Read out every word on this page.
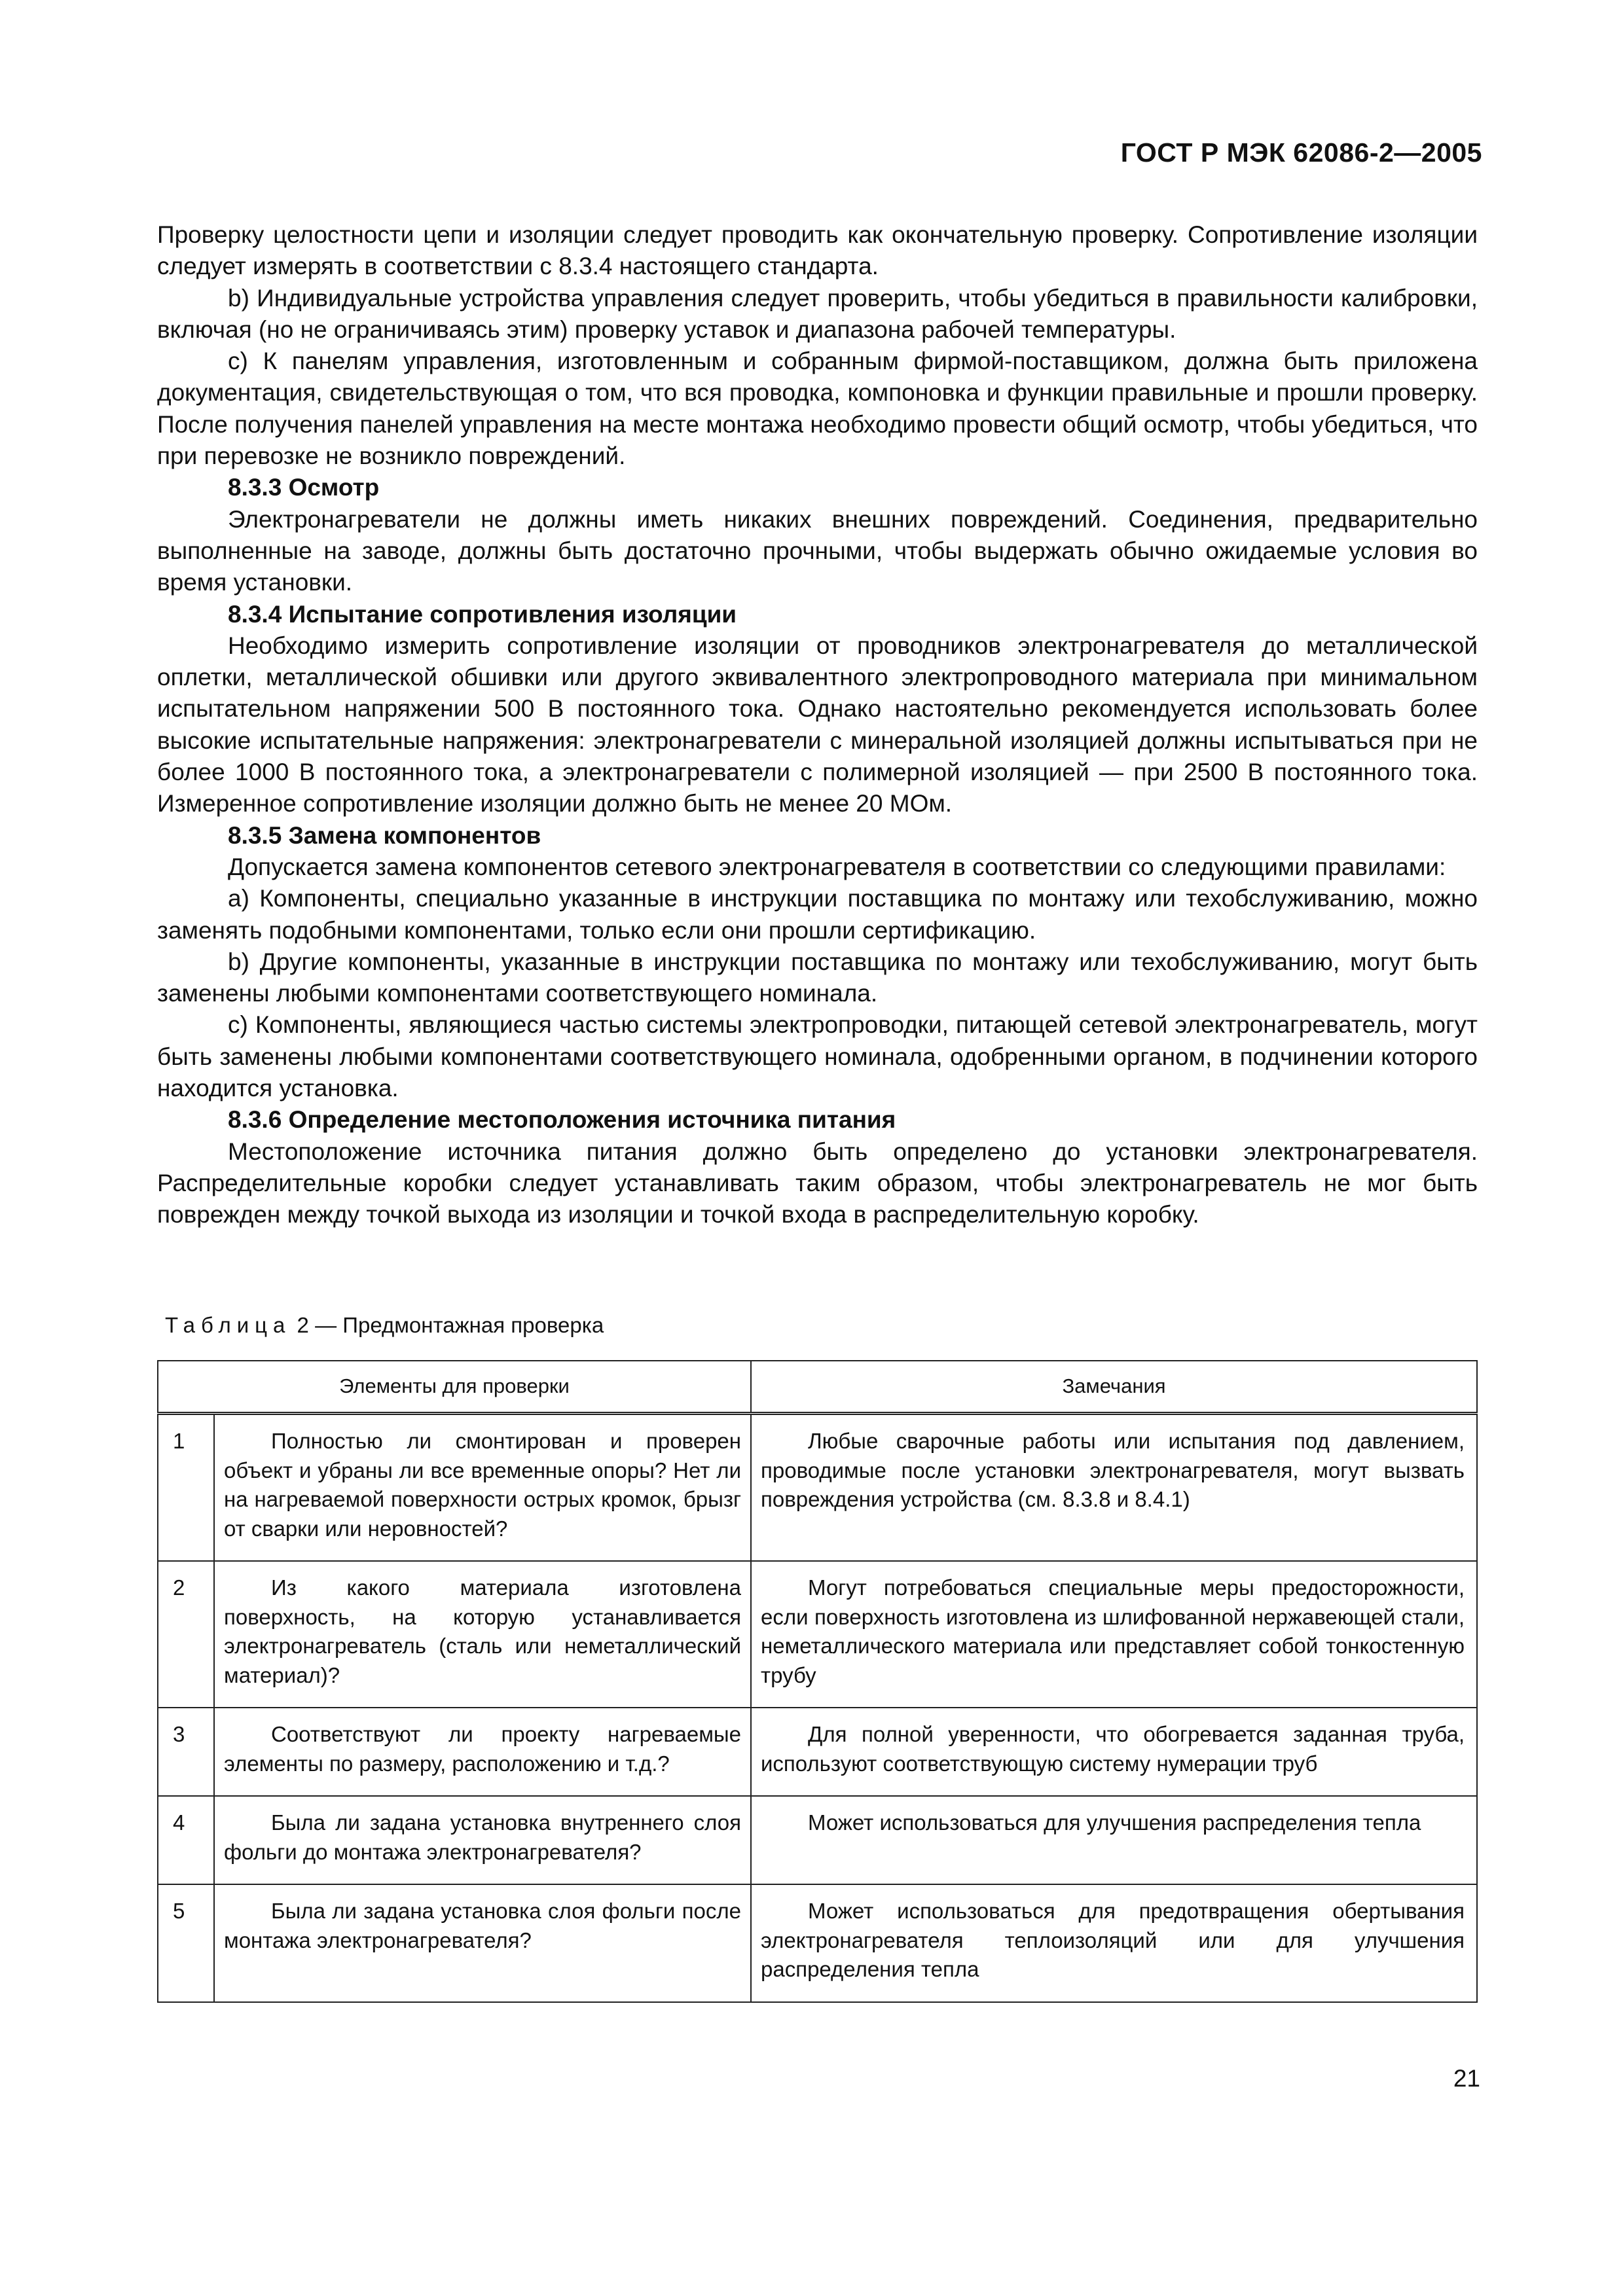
ГОСТ Р МЭК 62086-2—2005

Проверку целостности цепи и изоляции следует проводить как окончательную проверку. Сопротивление изоляции следует измерять в соответствии с 8.3.4 настоящего стандарта.

b) Индивидуальные устройства управления следует проверить, чтобы убедиться в правильности калибровки, включая (но не ограничиваясь этим) проверку уставок и диапазона рабочей температуры.

c) К панелям управления, изготовленным и собранным фирмой-поставщиком, должна быть приложена документация, свидетельствующая о том, что вся проводка, компоновка и функции правильные и прошли проверку. После получения панелей управления на месте монтажа необходимо провести общий осмотр, чтобы убедиться, что при перевозке не возникло повреждений.

8.3.3 Осмотр

Электронагреватели не должны иметь никаких внешних повреждений. Соединения, предварительно выполненные на заводе, должны быть достаточно прочными, чтобы выдержать обычно ожидаемые условия во время установки.

8.3.4 Испытание сопротивления изоляции

Необходимо измерить сопротивление изоляции от проводников электронагревателя до металлической оплетки, металлической обшивки или другого эквивалентного электропроводного материала при минимальном испытательном напряжении 500 В постоянного тока. Однако настоятельно рекомендуется использовать более высокие испытательные напряжения: электронагреватели с минеральной изоляцией должны испытываться при не более 1000 В постоянного тока, а электронагреватели с полимерной изоляцией — при 2500 В постоянного тока. Измеренное сопротивление изоляции должно быть не менее 20 МОм.

8.3.5 Замена компонентов

Допускается замена компонентов сетевого электронагревателя в соответствии со следующими правилами:

a) Компоненты, специально указанные в инструкции поставщика по монтажу или техобслуживанию, можно заменять подобными компонентами, только если они прошли сертификацию.

b) Другие компоненты, указанные в инструкции поставщика по монтажу или техобслуживанию, могут быть заменены любыми компонентами соответствующего номинала.

c) Компоненты, являющиеся частью системы электропроводки, питающей сетевой электронагреватель, могут быть заменены любыми компонентами соответствующего номинала, одобренными органом, в подчинении которого находится установка.

8.3.6 Определение местоположения источника питания

Местоположение источника питания должно быть определено до установки электронагревателя. Распределительные коробки следует устанавливать таким образом, чтобы электронагреватель не мог быть поврежден между точкой выхода из изоляции и точкой входа в распределительную коробку.

Таблица 2 — Предмонтажная проверка
Элементы для проверки		Замечания
1	Полностью ли смонтирован и проверен объект и убраны ли все временные опоры? Нет ли на нагреваемой поверхности острых кромок, брызг от сварки или неровностей?	Любые сварочные работы или испытания под давлением, проводимые после установки электронагревателя, могут вызвать повреждения устройства (см. 8.3.8 и 8.4.1)
2	Из какого материала изготовлена поверхность, на которую устанавливается электронагреватель (сталь или неметаллический материал)?	Могут потребоваться специальные меры предосторожности, если поверхность изготовлена из шлифованной нержавеющей стали, неметаллического материала или представляет собой тонкостенную трубу
3	Соответствуют ли проекту нагреваемые элементы по размеру, расположению и т.д.?	Для полной уверенности, что обогревается заданная труба, используют соответствующую систему нумерации труб
4	Была ли задана установка внутреннего слоя фольги до монтажа электронагревателя?	Может использоваться для улучшения распределения тепла
5	Была ли задана установка слоя фольги после монтажа электронагревателя?	Может использоваться для предотвращения обертывания электронагревателя теплоизоляций или для улучшения распределения тепла
21
